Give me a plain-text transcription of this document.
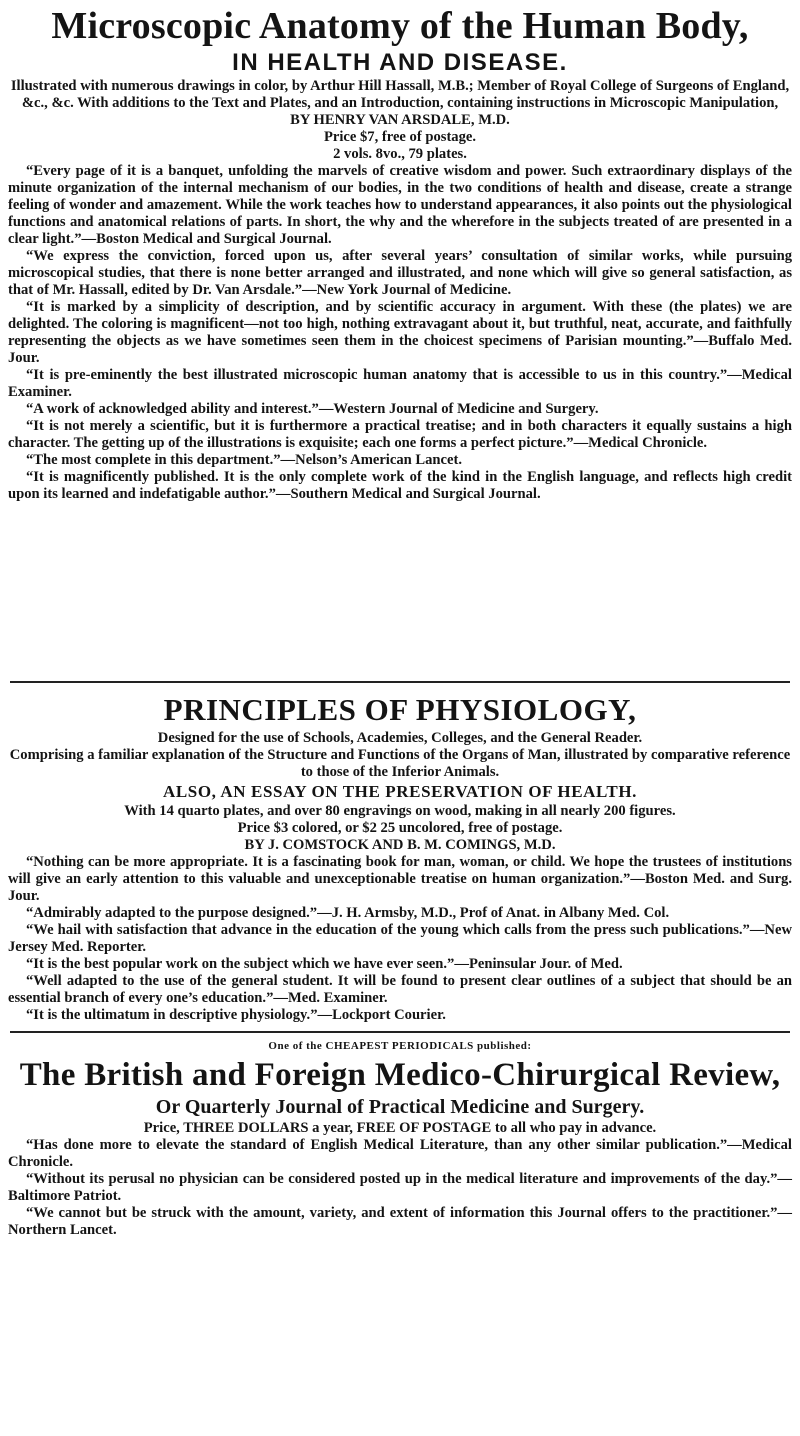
Microscopic Anatomy of the Human Body,

IN HEALTH AND DISEASE.

Illustrated with numerous drawings in color, by Arthur Hill Hassall, M.B.; Member of Royal College of Surgeons of England, &c., &c. With additions to the Text and Plates, and an Introduction, containing instructions in Microscopic Manipulation,

BY HENRY VAN ARSDALE, M.D.

Price $7, free of postage.

2 vols. 8vo., 79 plates.

“Every page of it is a banquet, unfolding the marvels of creative wisdom and power. Such extraordinary displays of the minute organization of the internal mechanism of our bodies, in the two conditions of health and disease, create a strange feeling of wonder and amazement. While the work teaches how to understand appearances, it also points out the physiological functions and anatomical relations of parts. In short, the why and the wherefore in the subjects treated of are presented in a clear light.”—Boston Medical and Surgical Journal.

“We express the conviction, forced upon us, after several years’ consultation of similar works, while pursuing microscopical studies, that there is none better arranged and illustrated, and none which will give so general satisfaction, as that of Mr. Hassall, edited by Dr. Van Arsdale.”—New York Journal of Medicine.

“It is marked by a simplicity of description, and by scientific accuracy in argument. With these (the plates) we are delighted. The coloring is magnificent—not too high, nothing extravagant about it, but truthful, neat, accurate, and faithfully representing the objects as we have sometimes seen them in the choicest specimens of Parisian mounting.”—Buffalo Med. Jour.

“It is pre-eminently the best illustrated microscopic human anatomy that is accessible to us in this country.”—Medical Examiner.

“A work of acknowledged ability and interest.”—Western Journal of Medicine and Surgery.

“It is not merely a scientific, but it is furthermore a practical treatise; and in both characters it equally sustains a high character. The getting up of the illustrations is exquisite; each one forms a perfect picture.”—Medical Chronicle.

“The most complete in this department.”—Nelson’s American Lancet.

“It is magnificently published. It is the only complete work of the kind in the English language, and reflects high credit upon its learned and indefatigable author.”—Southern Medical and Surgical Journal.

PRINCIPLES OF PHYSIOLOGY,

Designed for the use of Schools, Academies, Colleges, and the General Reader.

Comprising a familiar explanation of the Structure and Functions of the Organs of Man, illustrated by comparative reference to those of the Inferior Animals.

ALSO, AN ESSAY ON THE PRESERVATION OF HEALTH.

With 14 quarto plates, and over 80 engravings on wood, making in all nearly 200 figures.

Price $3 colored, or $2 25 uncolored, free of postage.

BY J. COMSTOCK AND B. M. COMINGS, M.D.

“Nothing can be more appropriate. It is a fascinating book for man, woman, or child. We hope the trustees of institutions will give an early attention to this valuable and unexceptionable treatise on human organization.”—Boston Med. and Surg. Jour.

“Admirably adapted to the purpose designed.”—J. H. Armsby, M.D., Prof of Anat. in Albany Med. Col.

“We hail with satisfaction that advance in the education of the young which calls from the press such publications.”—New Jersey Med. Reporter.

“It is the best popular work on the subject which we have ever seen.”—Peninsular Jour. of Med.

“Well adapted to the use of the general student. It will be found to present clear outlines of a subject that should be an essential branch of every one’s education.”—Med. Examiner.

“It is the ultimatum in descriptive physiology.”—Lockport Courier.

One of the CHEAPEST PERIODICALS published:

The British and Foreign Medico-Chirurgical Review,

Or Quarterly Journal of Practical Medicine and Surgery.

Price, THREE DOLLARS a year, FREE OF POSTAGE to all who pay in advance.

“Has done more to elevate the standard of English Medical Literature, than any other similar publication.”—Medical Chronicle.

“Without its perusal no physician can be considered posted up in the medical literature and improvements of the day.”—Baltimore Patriot.

“We cannot but be struck with the amount, variety, and extent of information this Journal offers to the practitioner.”—Northern Lancet.
